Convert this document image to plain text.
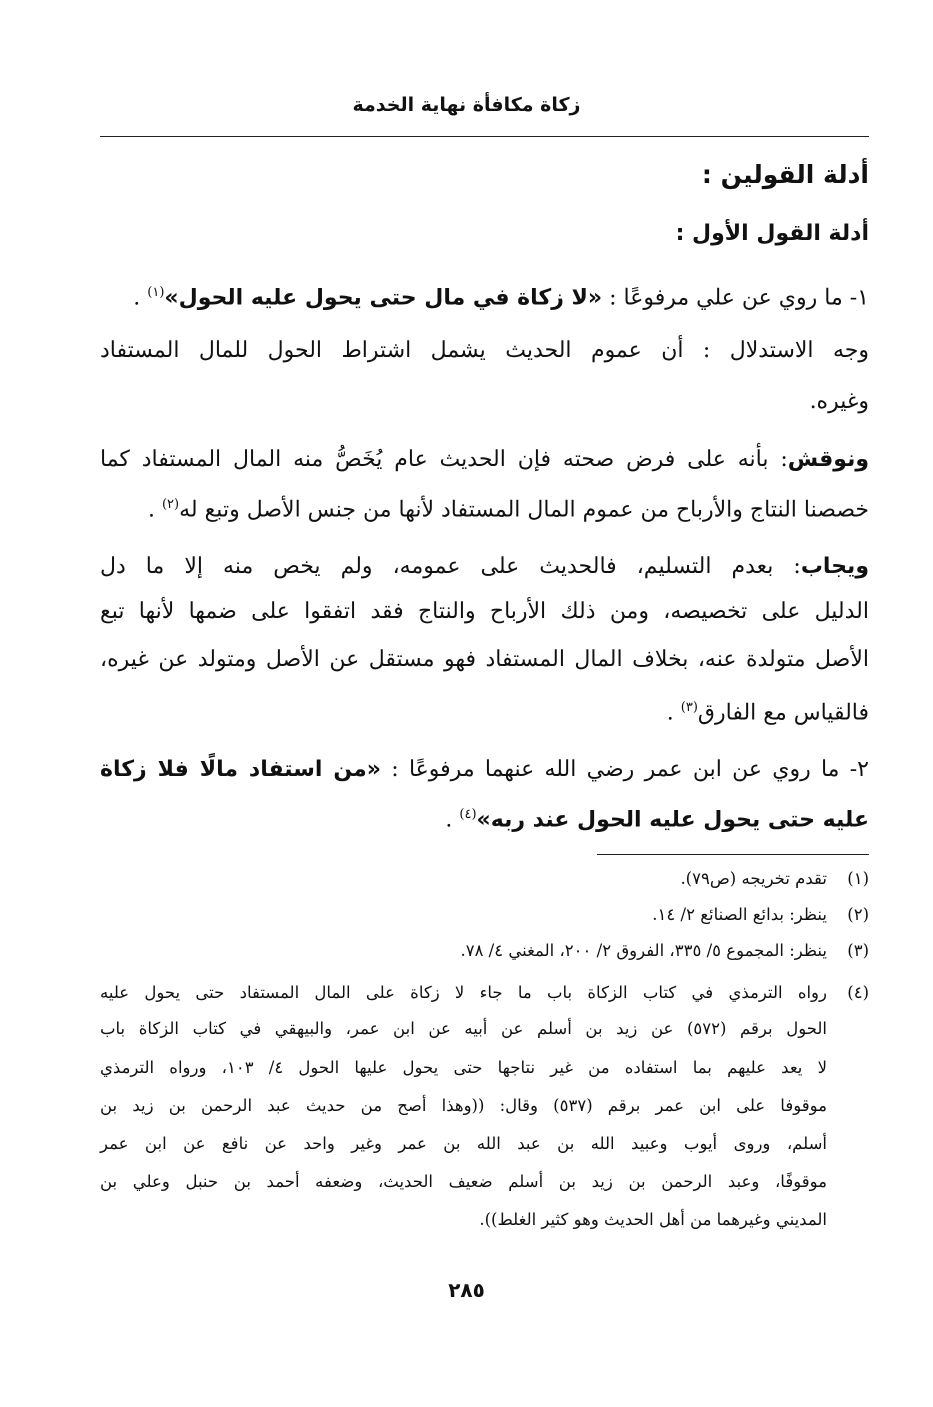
زكاة مكافأة نهاية الخدمة
أدلة القولين :
أدلة القول الأول :
١- ما روي عن علي مرفوعًا : «لا زكاة في مال حتى يحول عليه الحول»$^{(١)}$ .
وجه الاستدلال : أن عموم الحديث يشمل اشتراط الحول للمال المستفاد
وغيره.
ونوقش: بأنه على فرض صحته فإن الحديث عام يُخَصُّ منه المال المستفاد كما
خصصنا النتاج والأرباح من عموم المال المستفاد لأنها من جنس الأصل وتبع له$^{(٢)}$ .
ويجاب: بعدم التسليم، فالحديث على عمومه، ولم يخص منه إلا ما دل
الدليل على تخصيصه، ومن ذلك الأرباح والنتاج فقد اتفقوا على ضمها لأنها تبع
الأصل متولدة عنه، بخلاف المال المستفاد فهو مستقل عن الأصل ومتولد عن غيره،
فالقياس مع الفارق$^{(٣)}$ .
٢- ما روي عن ابن عمر رضي الله عنهما مرفوعًا : «من استفاد مالًا فلا زكاة
عليه حتى يحول عليه الحول عند ربه»$^{(٤)}$ .
(١)تقدم تخريجه (ص٧٩).
(٢)ينظر: بدائع الصنائع ٢/ ١٤.
(٣)ينظر: المجموع ٥/ ٣٣٥، الفروق ٢/ ٢٠٠، المغني ٤/ ٧٨.
(٤)رواه الترمذي في كتاب الزكاة باب ما جاء لا زكاة على المال المستفاد حتى يحول عليه
الحول برقم (٥٧٢) عن زيد بن أسلم عن أبيه عن ابن عمر، والبيهقي في كتاب الزكاة باب
لا يعد عليهم بما استفاده من غير نتاجها حتى يحول عليها الحول ٤/ ١٠٣، ورواه الترمذي
موقوفا على ابن عمر برقم (٥٣٧) وقال: ((وهذا أصح من حديث عبد الرحمن بن زيد بن
أسلم، وروى أيوب وعبيد الله بن عبد الله بن عمر وغير واحد عن نافع عن ابن عمر
موقوفًا، وعبد الرحمن بن زيد بن أسلم ضعيف الحديث، وضعفه أحمد بن حنبل وعلي بن
المديني وغيرهما من أهل الحديث وهو كثير الغلط)).
٢٨٥
